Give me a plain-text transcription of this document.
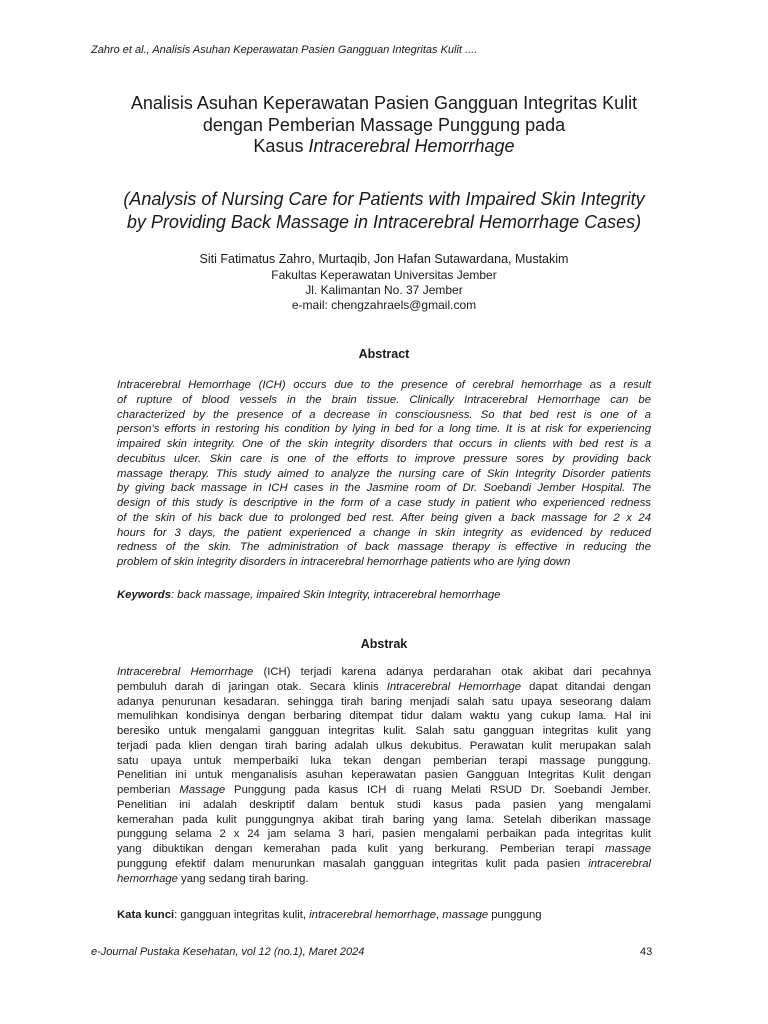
Zahro et al., Analisis Asuhan Keperawatan Pasien Gangguan Integritas Kulit ....
Analisis Asuhan Keperawatan Pasien Gangguan Integritas Kulit
dengan Pemberian Massage Punggung pada
Kasus Intracerebral Hemorrhage
(Analysis of Nursing Care for Patients with Impaired Skin Integrity
by Providing Back Massage in Intracerebral Hemorrhage Cases)
Siti Fatimatus Zahro, Murtaqib, Jon Hafan Sutawardana, Mustakim
Fakultas Keperawatan Universitas Jember
Jl. Kalimantan No. 37 Jember
e-mail: chengzahraels@gmail.com
Abstract
Intracerebral Hemorrhage (ICH) occurs due to the presence of cerebral hemorrhage as a result
of rupture of blood vessels in the brain tissue. Clinically Intracerebral Hemorrhage can be
characterized by the presence of a decrease in consciousness. So that bed rest is one of a
person's efforts in restoring his condition by lying in bed for a long time. It is at risk for experiencing
impaired skin integrity. One of the skin integrity disorders that occurs in clients with bed rest is a
decubitus ulcer. Skin care is one of the efforts to improve pressure sores by providing back
massage therapy. This study aimed to analyze the nursing care of Skin Integrity Disorder patients
by giving back massage in ICH cases in the Jasmine room of Dr. Soebandi Jember Hospital. The
design of this study is descriptive in the form of a case study in patient who experienced redness
of the skin of his back due to prolonged bed rest. After being given a back massage for 2 x 24
hours for 3 days, the patient experienced a change in skin integrity as evidenced by reduced
redness of the skin. The administration of back massage therapy is effective in reducing the
problem of skin integrity disorders in intracerebral hemorrhage patients who are lying down
Keywords: back massage, impaired Skin Integrity, intracerebral hemorrhage
Abstrak
Intracerebral Hemorrhage (ICH) terjadi karena adanya perdarahan otak akibat dari pecahnya
pembuluh darah di jaringan otak. Secara klinis Intracerebral Hemorrhage dapat ditandai dengan
adanya penurunan kesadaran. sehingga tirah baring menjadi salah satu upaya seseorang dalam
memulihkan kondisinya dengan berbaring ditempat tidur dalam waktu yang cukup lama. Hal ini
beresiko untuk mengalami gangguan integritas kulit. Salah satu gangguan integritas kulit yang
terjadi pada klien dengan tirah baring adalah ulkus dekubitus. Perawatan kulit merupakan salah
satu upaya untuk memperbaiki luka tekan dengan pemberian terapi massage punggung.
Penelitian ini untuk menganalisis asuhan keperawatan pasien Gangguan Integritas Kulit dengan
pemberian Massage Punggung pada kasus ICH di ruang Melati RSUD Dr. Soebandi Jember.
Penelitian ini adalah deskriptif dalam bentuk studi kasus pada pasien yang mengalami
kemerahan pada kulit punggungnya akibat tirah baring yang lama. Setelah diberikan massage
punggung selama 2 x 24 jam selama 3 hari, pasien mengalami perbaikan pada integritas kulit
yang dibuktikan dengan kemerahan pada kulit yang berkurang. Pemberian terapi massage
punggung efektif dalam menurunkan masalah gangguan integritas kulit pada pasien intracerebral
hemorrhage yang sedang tirah baring.
Kata kunci: gangguan integritas kulit, intracerebral hemorrhage, massage punggung
e-Journal Pustaka Kesehatan, vol 12 (no.1), Maret 2024	43
